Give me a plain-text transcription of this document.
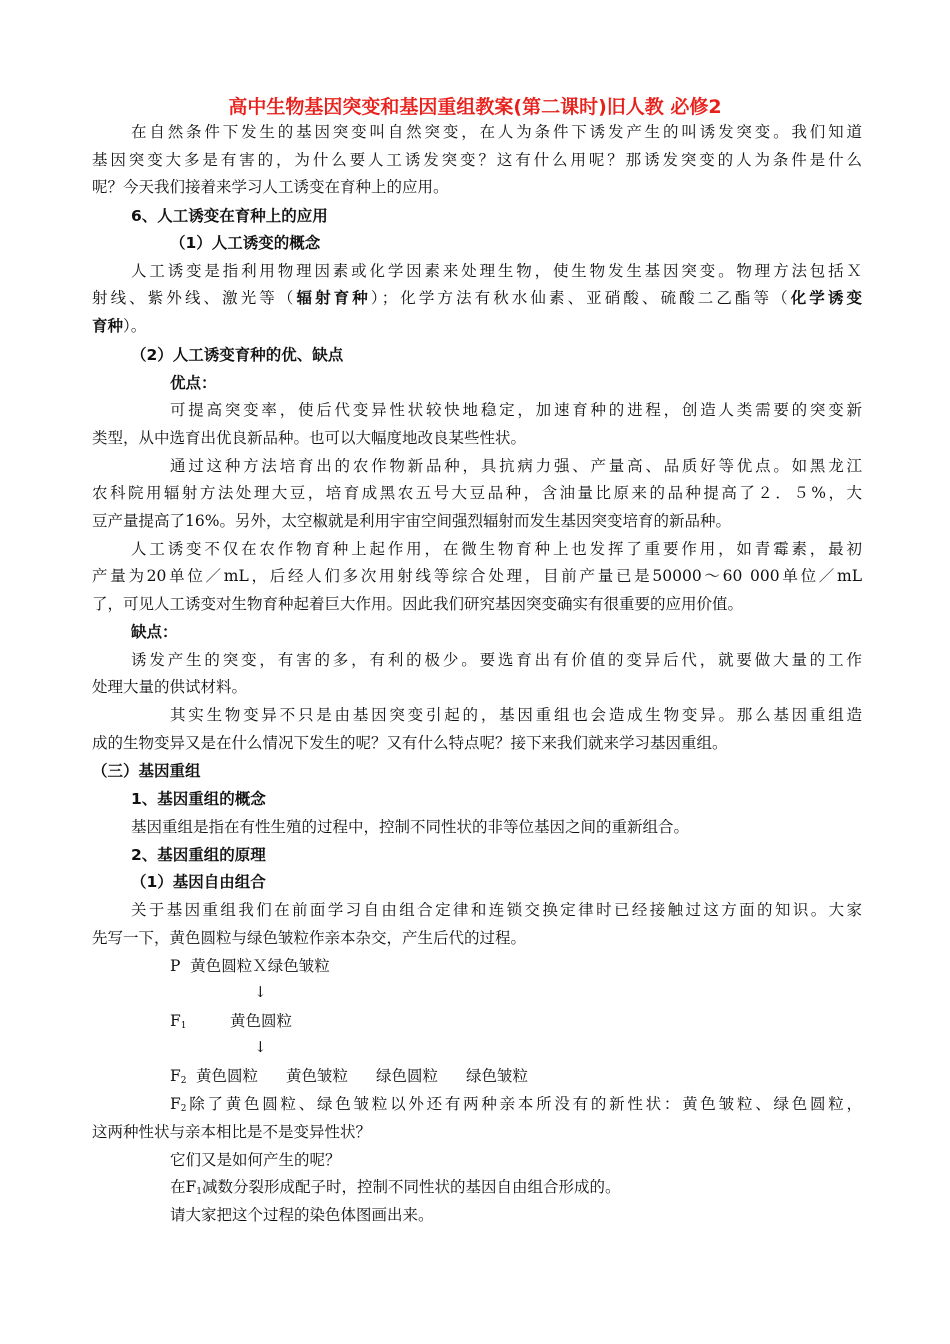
高中生物基因突变和基因重组教案(第二课时)旧人教 必修2

在自然条件下发生的基因突变叫自然突变，在人为条件下诱发产生的叫诱发突变。我们知道

基因突变大多是有害的，为什么要人工诱发突变？这有什么用呢？那诱发突变的人为条件是什么

呢？今天我们接着来学习人工诱变在育种上的应用。

6、人工诱变在育种上的应用

（1）人工诱变的概念

人工诱变是指利用物理因素或化学因素来处理生物，使生物发生基因突变。物理方法包括Ｘ

射线、紫外线、激光等（辐射育种）；化学方法有秋水仙素、亚硝酸、硫酸二乙酯等（化学诱变

育种）。

（2）人工诱变育种的优、缺点

优点：

可提高突变率，使后代变异性状较快地稳定，加速育种的进程，创造人类需要的突变新

类型，从中选育出优良新品种。也可以大幅度地改良某些性状。

通过这种方法培育出的农作物新品种，具抗病力强、产量高、品质好等优点。如黑龙江

农科院用辐射方法处理大豆，培育成黑农五号大豆品种，含油量比原来的品种提高了２．５%，大

豆产量提高了16%。另外，太空椒就是利用宇宙空间强烈辐射而发生基因突变培育的新品种。

人工诱变不仅在农作物育种上起作用，在微生物育种上也发挥了重要作用，如青霉素，最初

产量为20单位／mL，后经人们多次用射线等综合处理，目前产量已是50000～60 000单位／mL

了，可见人工诱变对生物育种起着巨大作用。因此我们研究基因突变确实有很重要的应用价值。

缺点：

诱发产生的突变，有害的多，有利的极少。要选育出有价值的变异后代，就要做大量的工作

处理大量的供试材料。

其实生物变异不只是由基因突变引起的，基因重组也会造成生物变异。那么基因重组造

成的生物变异又是在什么情况下发生的呢？又有什么特点呢？接下来我们就来学习基因重组。

（三）基因重组

1、基因重组的概念

基因重组是指在有性生殖的过程中，控制不同性状的非等位基因之间的重新组合。

2、基因重组的原理

（1）基因自由组合

关于基因重组我们在前面学习自由组合定律和连锁交换定律时已经接触过这方面的知识。大家

先写一下，黄色圆粒与绿色皱粒作亲本杂交，产生后代的过程。

P 黄色圆粒Ｘ绿色皱粒

↓

$F_1$	黄色圆粒

↓

$F_2$ 黄色圆粒 黄色皱粒 绿色圆粒 绿色皱粒

$F_2$除了黄色圆粒、绿色皱粒以外还有两种亲本所没有的新性状：黄色皱粒、绿色圆粒，

这两种性状与亲本相比是不是变异性状？

它们又是如何产生的呢？

在$F_1$减数分裂形成配子时，控制不同性状的基因自由组合形成的。

请大家把这个过程的染色体图画出来。
